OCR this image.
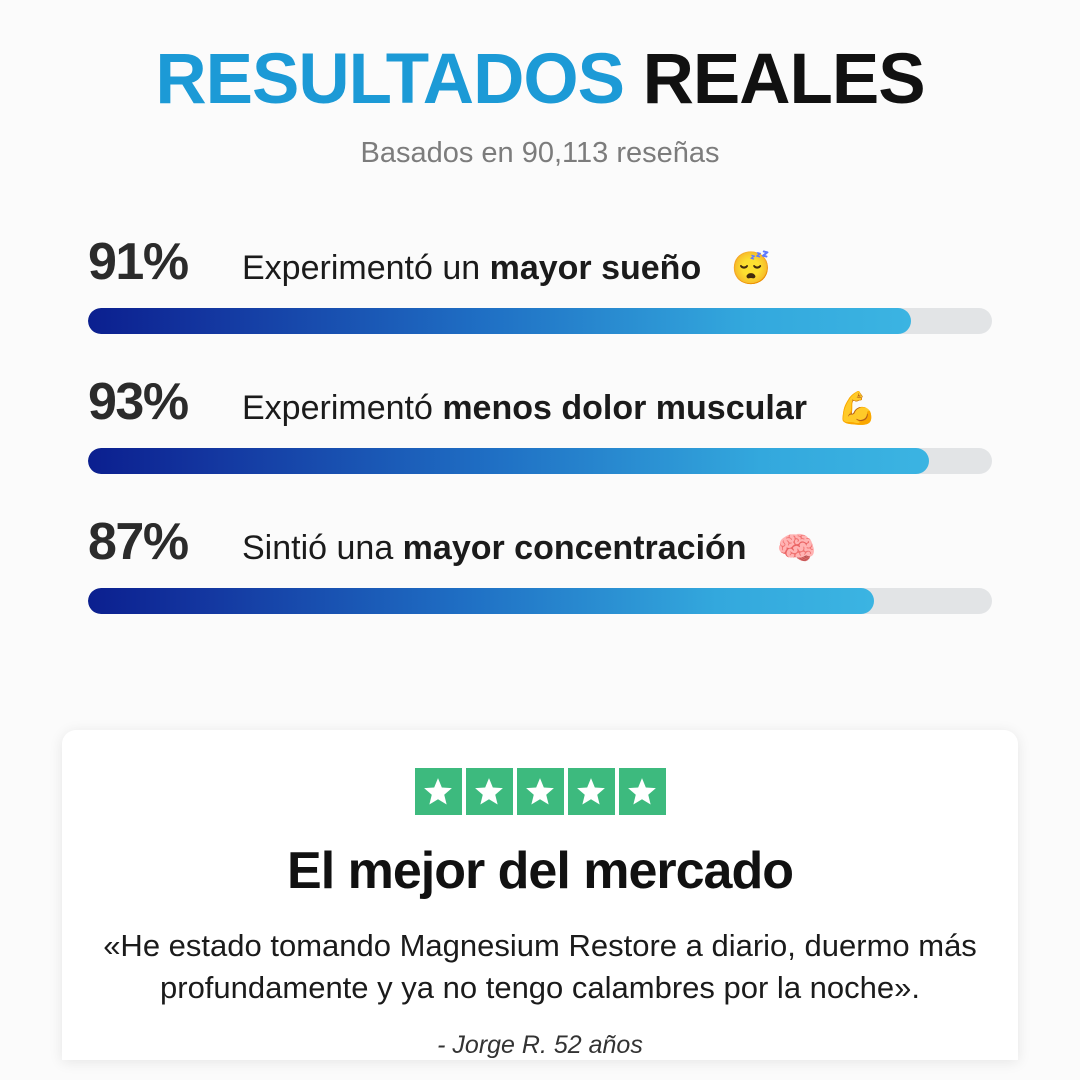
RESULTADOS REALES
Basados en 90,113 reseñas
91%	Experimentó un mayor sueño 😴
93%	Experimentó menos dolor muscular 💪
87%	Sintió una mayor concentración 🧠
El mejor del mercado
«He estado tomando Magnesium Restore a diario, duermo más profundamente y ya no tengo calambres por la noche».
- Jorge R. 52 años
